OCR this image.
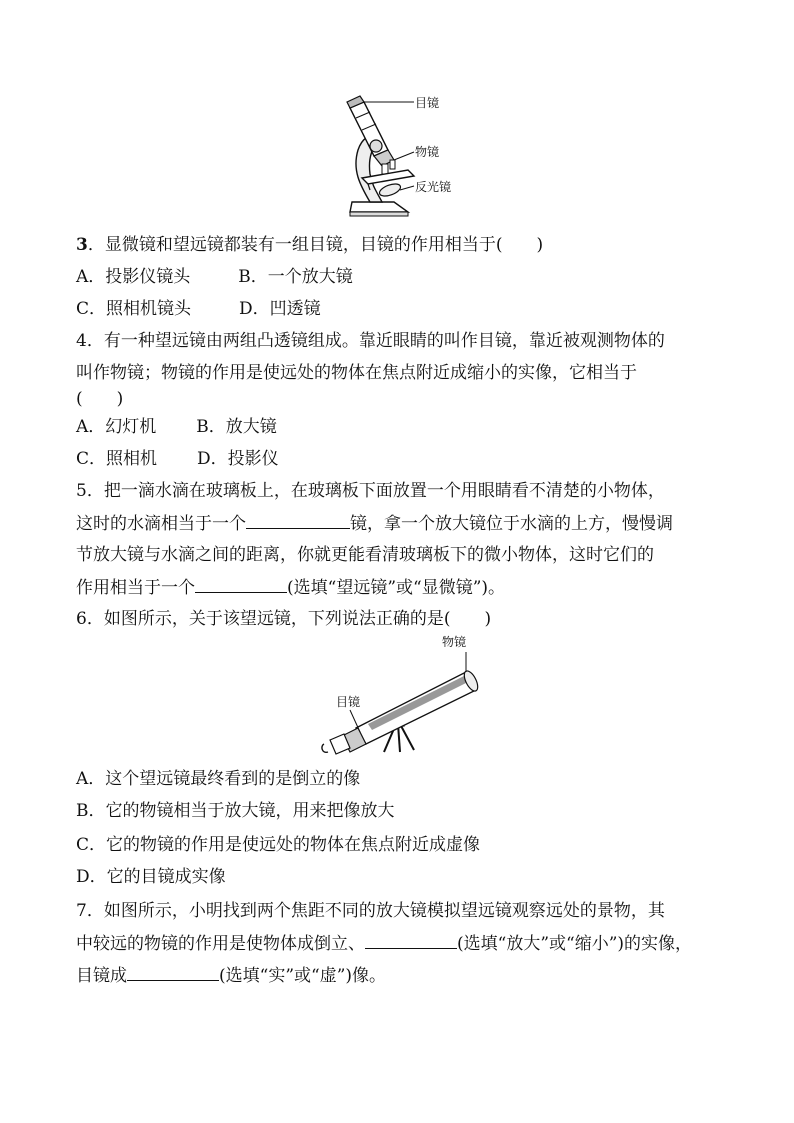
目镜
物镜
反光镜
3．显微镜和望远镜都装有一组目镜，目镜的作用相当于(　　)
A．投影仪镜头	B．一个放大镜
C．照相机镜头	D．凹透镜
4．有一种望远镜由两组凸透镜组成。靠近眼睛的叫作目镜，靠近被观测物体的
叫作物镜；物镜的作用是使远处的物体在焦点附近成缩小的实像，它相当于
(　　)
A．幻灯机 B．放大镜
C．照相机 D．投影仪
5．把一滴水滴在玻璃板上，在玻璃板下面放置一个用眼睛看不清楚的小物体，
这时的水滴相当于一个	镜，拿一个放大镜位于水滴的上方，慢慢调
节放大镜与水滴之间的距离，你就更能看清玻璃板下的微小物体，这时它们的
作用相当于一个	(选填“望远镜”或“显微镜”)。
6．如图所示，关于该望远镜，下列说法正确的是(　　)
物镜
目镜
A．这个望远镜最终看到的是倒立的像
B．它的物镜相当于放大镜，用来把像放大
C．它的物镜的作用是使远处的物体在焦点附近成虚像
D．它的目镜成实像
7．如图所示，小明找到两个焦距不同的放大镜模拟望远镜观察远处的景物，其
中较远的物镜的作用是使物体成倒立、	(选填“放大”或“缩小”)的实像，
目镜成	(选填“实”或“虚”)像。
